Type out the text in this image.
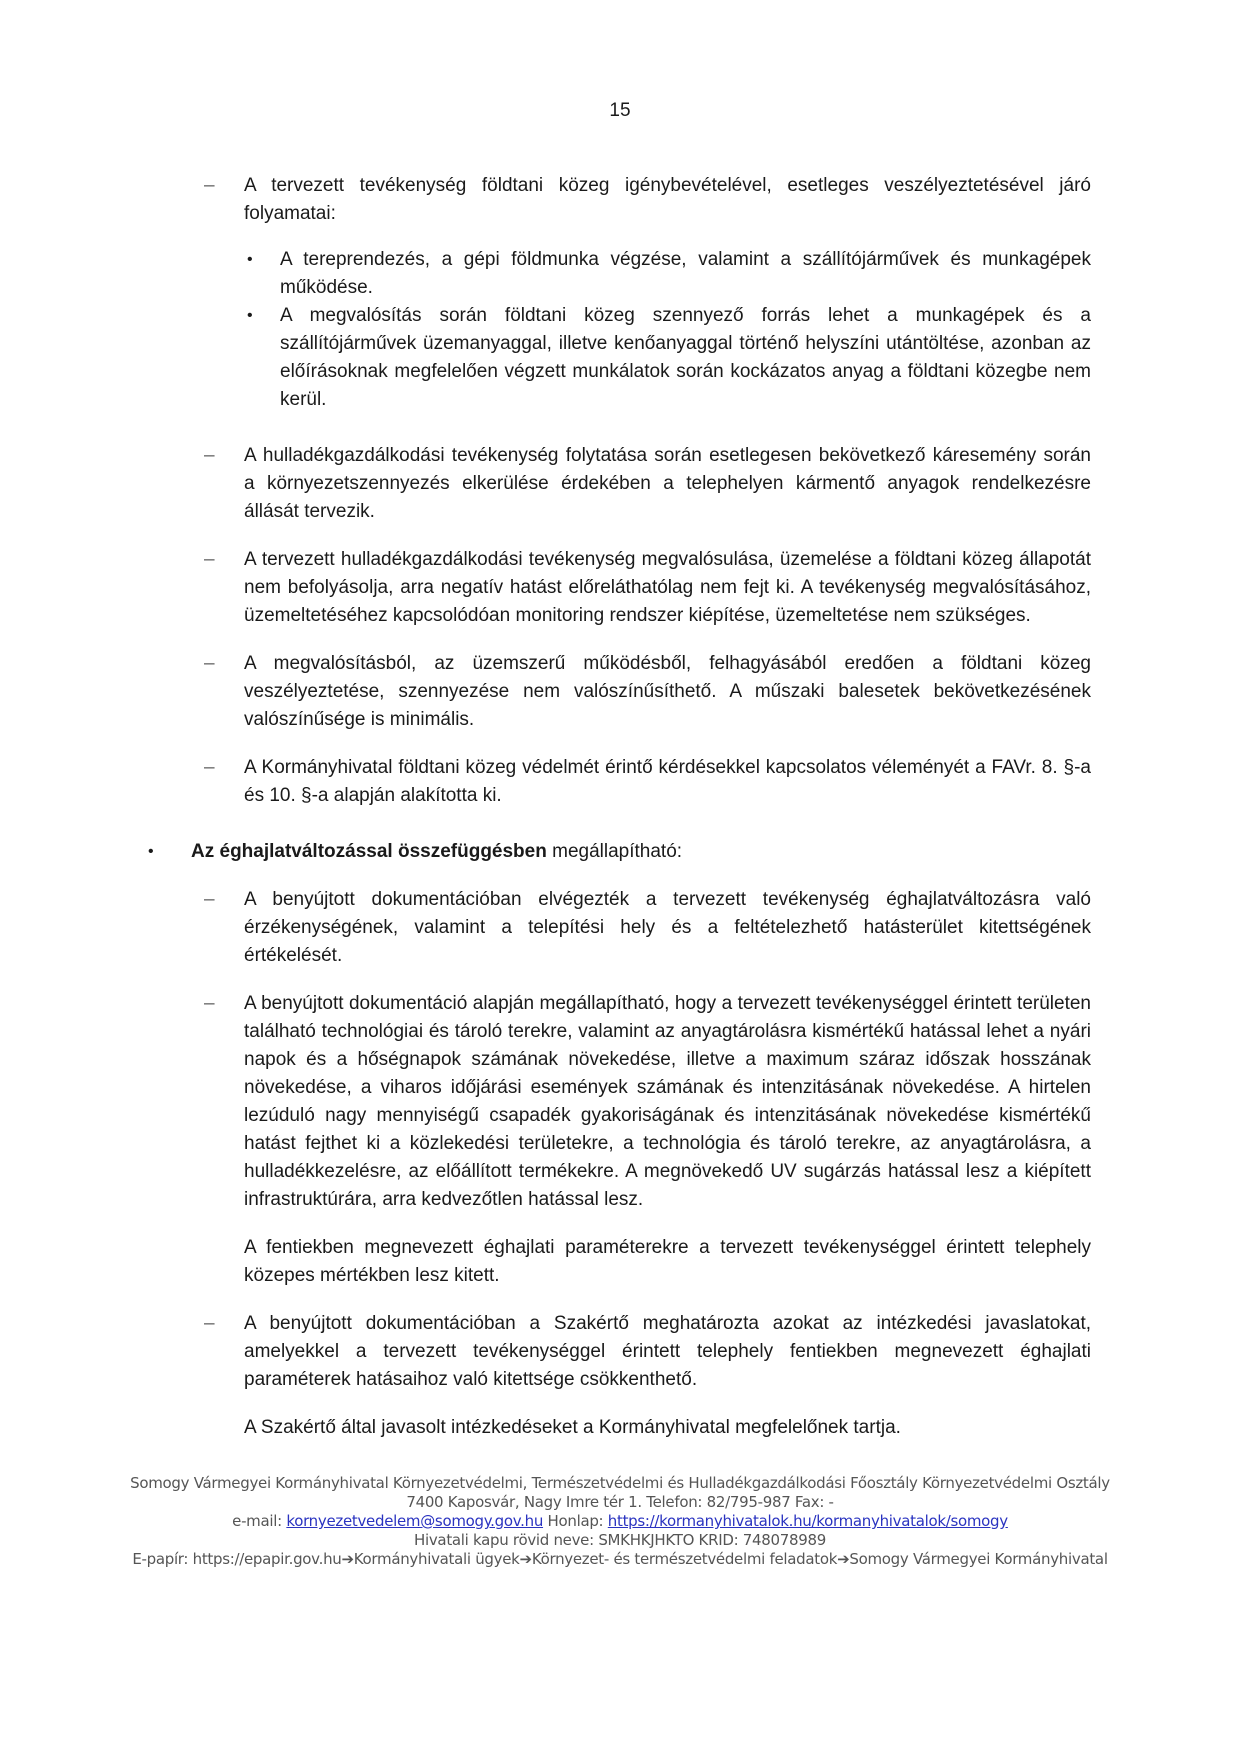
15
– A tervezett tevékenység földtani közeg igénybevételével, esetleges veszélyeztetésével járó folyamatai:
• A tereprendezés, a gépi földmunka végzése, valamint a szállítójárművek és munkagépek működése.
• A megvalósítás során földtani közeg szennyező forrás lehet a munkagépek és a szállítójárművek üzemanyaggal, illetve kenőanyaggal történő helyszíni utántöltése, azonban az előírásoknak megfelelően végzett munkálatok során kockázatos anyag a földtani közegbe nem kerül.
– A hulladékgazdálkodási tevékenység folytatása során esetlegesen bekövetkező káresemény során a környezetszennyezés elkerülése érdekében a telephelyen kármentő anyagok rendelkezésre állását tervezik.
– A tervezett hulladékgazdálkodási tevékenység megvalósulása, üzemelése a földtani közeg állapotát nem befolyásolja, arra negatív hatást előreláthatólag nem fejt ki. A tevékenység megvalósításához, üzemeltetéséhez kapcsolódóan monitoring rendszer kiépítése, üzemeltetése nem szükséges.
– A megvalósításból, az üzemszerű működésből, felhagyásából eredően a földtani közeg veszélyeztetése, szennyezése nem valószínűsíthető. A műszaki balesetek bekövetkezésének valószínűsége is minimális.
– A Kormányhivatal földtani közeg védelmét érintő kérdésekkel kapcsolatos véleményét a FAVr. 8. §-a és 10. §-a alapján alakította ki.
• Az éghajlatváltozással összefüggésben megállapítható:
– A benyújtott dokumentációban elvégezték a tervezett tevékenység éghajlatváltozásra való érzékenységének, valamint a telepítési hely és a feltételezhető hatásterület kitettségének értékelését.
– A benyújtott dokumentáció alapján megállapítható, hogy a tervezett tevékenységgel érintett területen található technológiai és tároló terekre, valamint az anyagtárolásra kismértékű hatással lehet a nyári napok és a hőségnapok számának növekedése, illetve a maximum száraz időszak hosszának növekedése, a viharos időjárási események számának és intenzitásának növekedése. A hirtelen lezúduló nagy mennyiségű csapadék gyakoriságának és intenzitásának növekedése kismértékű hatást fejthet ki a közlekedési területekre, a technológia és tároló terekre, az anyagtárolásra, a hulladékkezelésre, az előállított termékekre. A megnövekedő UV sugárzás hatással lesz a kiépített infrastruktúrára, arra kedvezőtlen hatással lesz.
A fentiekben megnevezett éghajlati paraméterekre a tervezett tevékenységgel érintett telephely közepes mértékben lesz kitett.
– A benyújtott dokumentációban a Szakértő meghatározta azokat az intézkedési javaslatokat, amelyekkel a tervezett tevékenységgel érintett telephely fentiekben megnevezett éghajlati paraméterek hatásaihoz való kitettsége csökkenthető.
A Szakértő által javasolt intézkedéseket a Kormányhivatal megfelelőnek tartja.
Somogy Vármegyei Kormányhivatal Környezetvédelmi, Természetvédelmi és Hulladékgazdálkodási Főosztály Környezetvédelmi Osztály
7400 Kaposvár, Nagy Imre tér 1. Telefon: 82/795-987 Fax: -
e-mail: kornyezetvedelem@somogy.gov.hu Honlap: https://kormanyhivatalok.hu/kormanyhivatalok/somogy
Hivatali kapu rövid neve: SMKHKJHKTO KRID: 748078989
E-papír: https://epapir.gov.hu➔Kormányhivatali ügyek➔Környezet- és természetvédelmi feladatok➔Somogy Vármegyei Kormányhivatal
